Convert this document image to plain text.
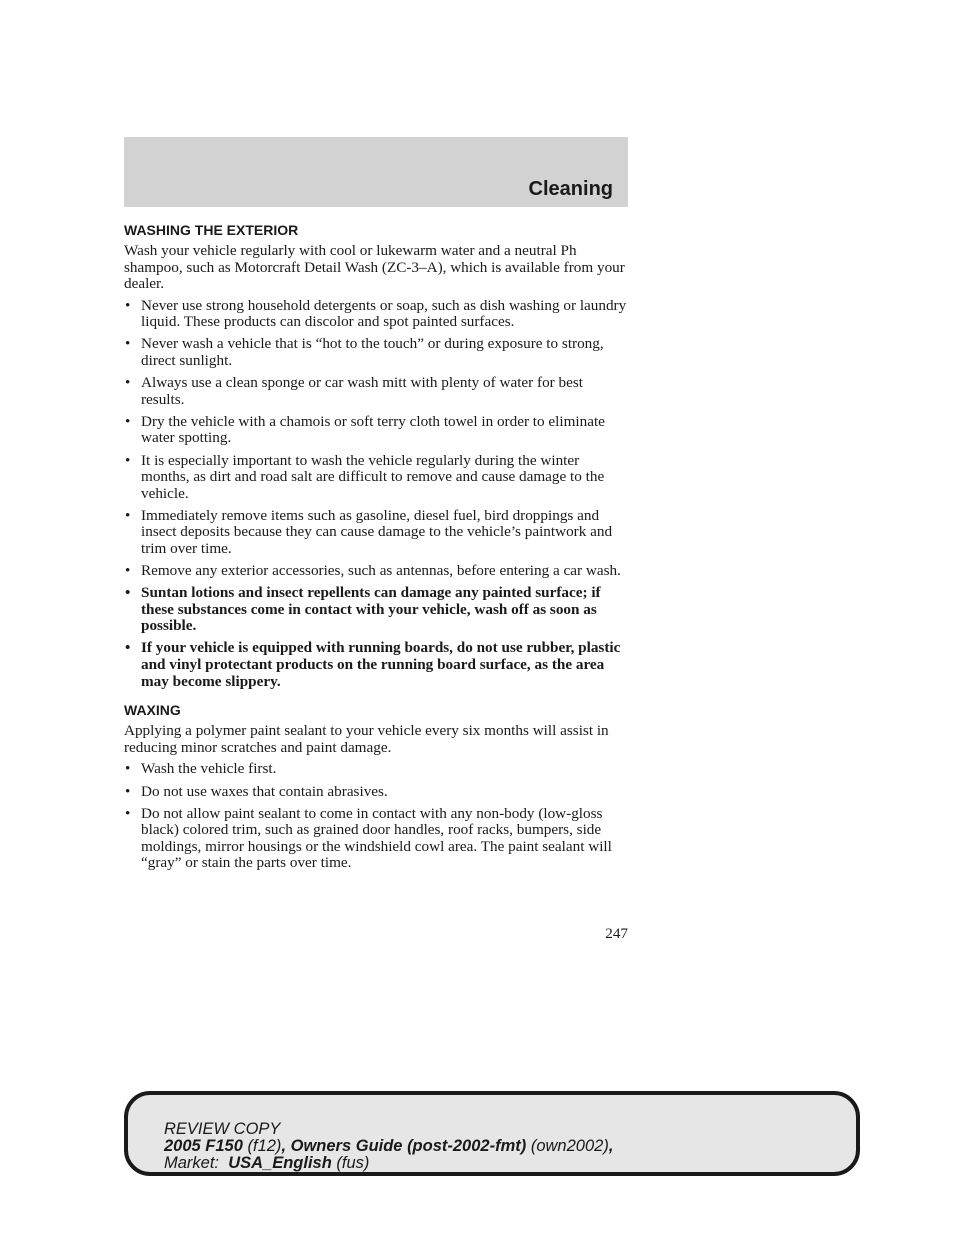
Cleaning
WASHING THE EXTERIOR

Wash your vehicle regularly with cool or lukewarm water and a neutral Ph shampoo, such as Motorcraft Detail Wash (ZC-3–A), which is available from your dealer.

• Never use strong household detergents or soap, such as dish washing or laundry liquid. These products can discolor and spot painted surfaces.
• Never wash a vehicle that is “hot to the touch” or during exposure to strong, direct sunlight.
• Always use a clean sponge or car wash mitt with plenty of water for best results.
• Dry the vehicle with a chamois or soft terry cloth towel in order to eliminate water spotting.
• It is especially important to wash the vehicle regularly during the winter months, as dirt and road salt are difficult to remove and cause damage to the vehicle.
• Immediately remove items such as gasoline, diesel fuel, bird droppings and insect deposits because they can cause damage to the vehicle’s paintwork and trim over time.
• Remove any exterior accessories, such as antennas, before entering a car wash.
• Suntan lotions and insect repellents can damage any painted surface; if these substances come in contact with your vehicle, wash off as soon as possible.
• If your vehicle is equipped with running boards, do not use rubber, plastic and vinyl protectant products on the running board surface, as the area may become slippery.
WAXING

Applying a polymer paint sealant to your vehicle every six months will assist in reducing minor scratches and paint damage.

• Wash the vehicle first.
• Do not use waxes that contain abrasives.
• Do not allow paint sealant to come in contact with any non-body (low-gloss black) colored trim, such as grained door handles, roof racks, bumpers, side moldings, mirror housings or the windshield cowl area. The paint sealant will “gray” or stain the parts over time.
247
REVIEW COPY
2005 F150 (f12), Owners Guide (post-2002-fmt) (own2002),
Market: USA_English (fus)
